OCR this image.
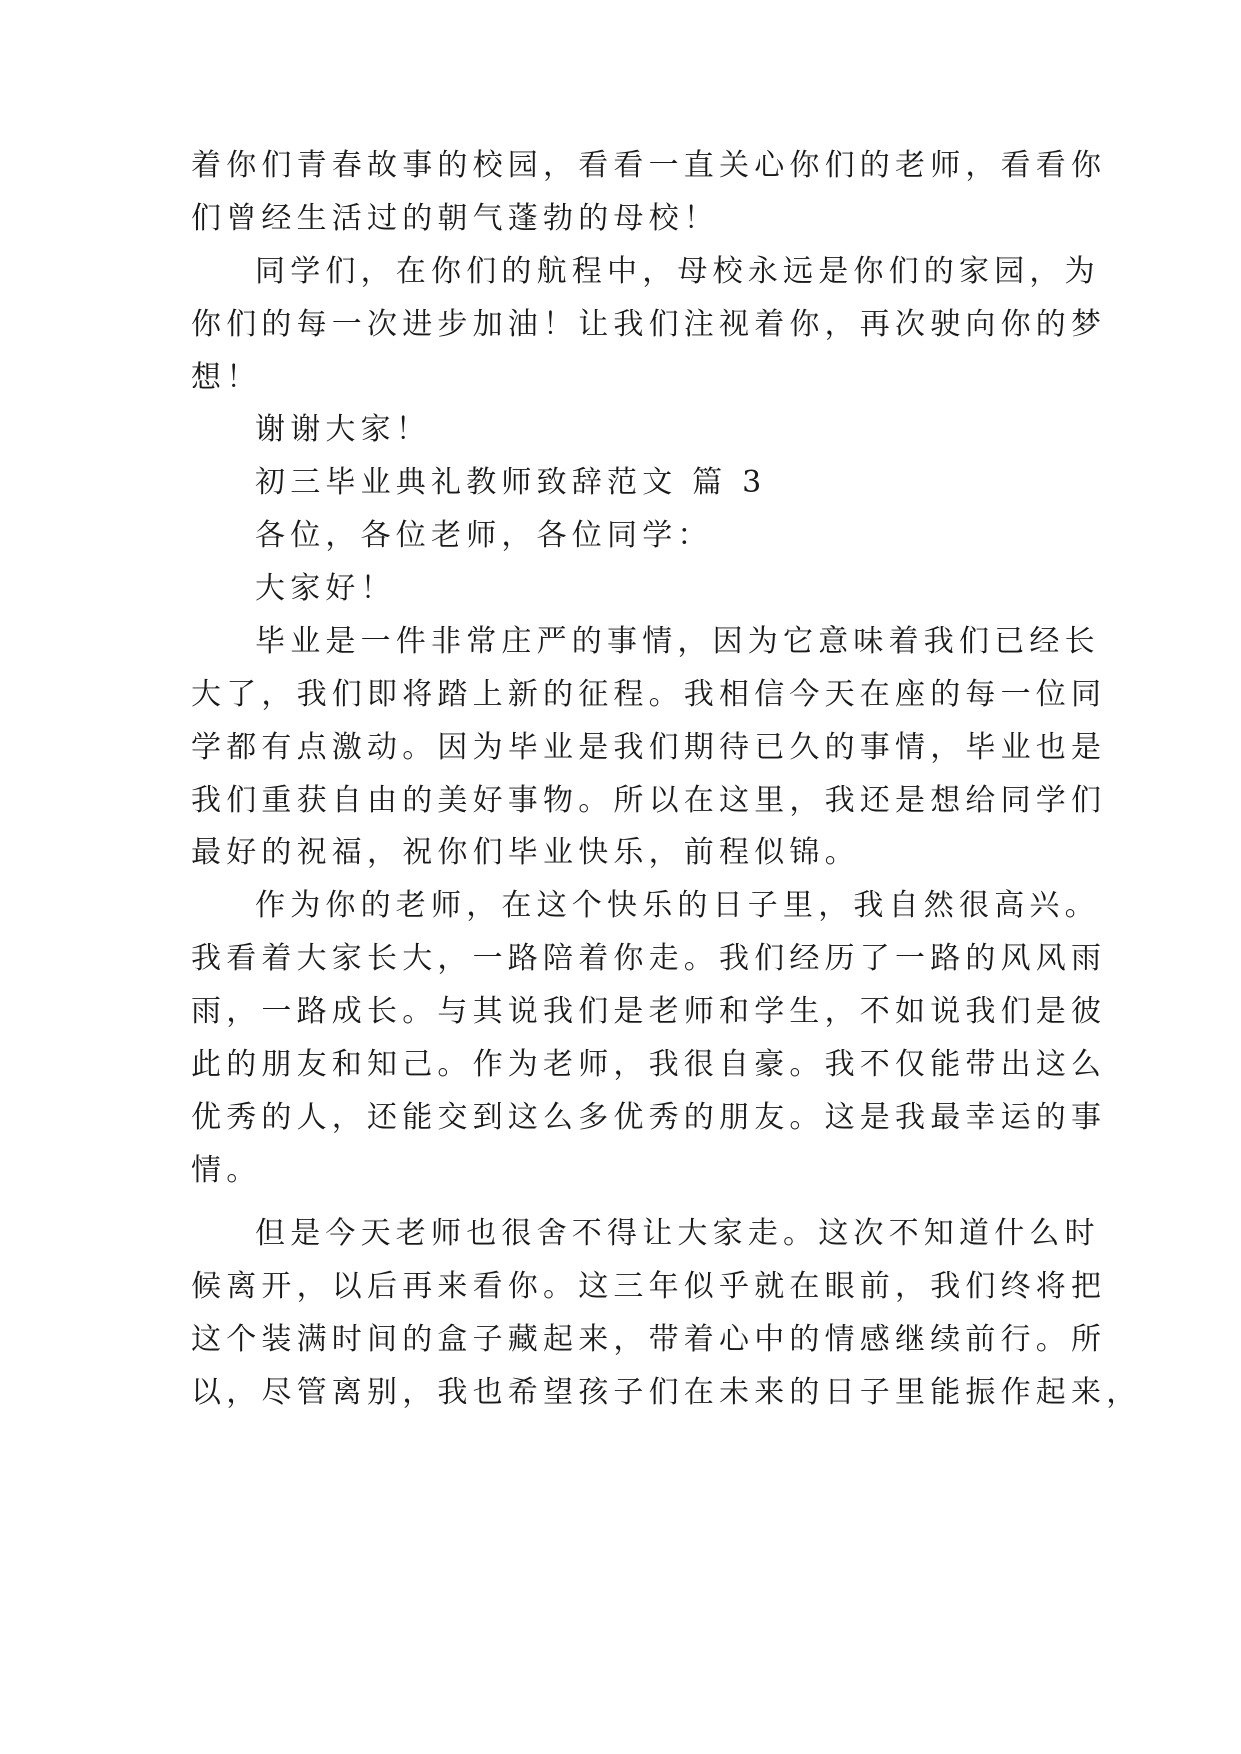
着你们青春故事的校园，看看一直关心你们的老师，看看你
们曾经生活过的朝气蓬勃的母校！
同学们，在你们的航程中，母校永远是你们的家园，为
你们的每一次进步加油！让我们注视着你，再次驶向你的梦
想！
谢谢大家！
初三毕业典礼教师致辞范文 篇 3
各位，各位老师，各位同学：
大家好！
毕业是一件非常庄严的事情，因为它意味着我们已经长
大了，我们即将踏上新的征程。我相信今天在座的每一位同
学都有点激动。因为毕业是我们期待已久的事情，毕业也是
我们重获自由的美好事物。所以在这里，我还是想给同学们
最好的祝福，祝你们毕业快乐，前程似锦。
作为你的老师，在这个快乐的日子里，我自然很高兴。
我看着大家长大，一路陪着你走。我们经历了一路的风风雨
雨，一路成长。与其说我们是老师和学生，不如说我们是彼
此的朋友和知己。作为老师，我很自豪。我不仅能带出这么
优秀的人，还能交到这么多优秀的朋友。这是我最幸运的事
情。
但是今天老师也很舍不得让大家走。这次不知道什么时
候离开，以后再来看你。这三年似乎就在眼前，我们终将把
这个装满时间的盒子藏起来，带着心中的情感继续前行。所
以，尽管离别，我也希望孩子们在未来的日子里能振作起来，
